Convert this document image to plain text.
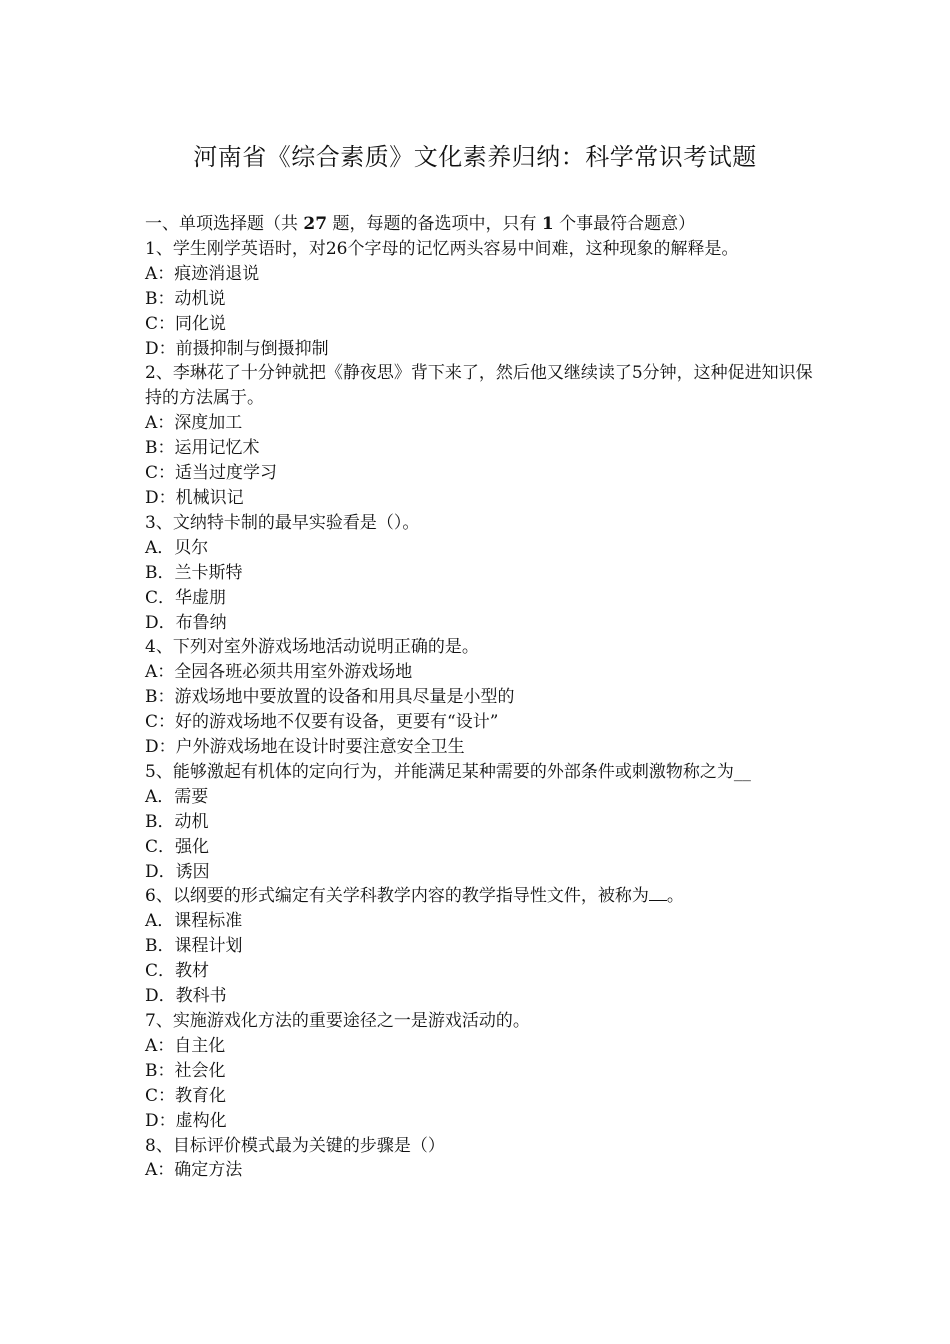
河南省《综合素质》文化素养归纳：科学常识考试题
一、单项选择题（共 27 题，每题的备选项中，只有 1 个事最符合题意）
1、学生刚学英语时，对26个字母的记忆两头容易中间难，这种现象的解释是。
A：痕迹消退说
B：动机说
C：同化说
D：前摄抑制与倒摄抑制
2、李琳花了十分钟就把《静夜思》背下来了，然后他又继续读了5分钟，这种促进知识保持的方法属于。
A：深度加工
B：运用记忆术
C：适当过度学习
D：机械识记
3、文纳特卡制的最早实验看是（）。
A．贝尔
B．兰卡斯特
C．华虚朋
D．布鲁纳
4、下列对室外游戏场地活动说明正确的是。
A：全园各班必须共用室外游戏场地
B：游戏场地中要放置的设备和用具尽量是小型的
C：好的游戏场地不仅要有设备，更要有“设计”
D：户外游戏场地在设计时要注意安全卫生
5、能够激起有机体的定向行为，并能满足某种需要的外部条件或刺激物称之为__
A．需要
B．动机
C．强化
D．诱因
6、以纲要的形式编定有关学科教学内容的教学指导性文件，被称为 。
A．课程标准
B．课程计划
C．教材
D．教科书
7、实施游戏化方法的重要途径之一是游戏活动的。
A：自主化
B：社会化
C：教育化
D：虚构化
8、目标评价模式最为关键的步骤是（）
A：确定方法
